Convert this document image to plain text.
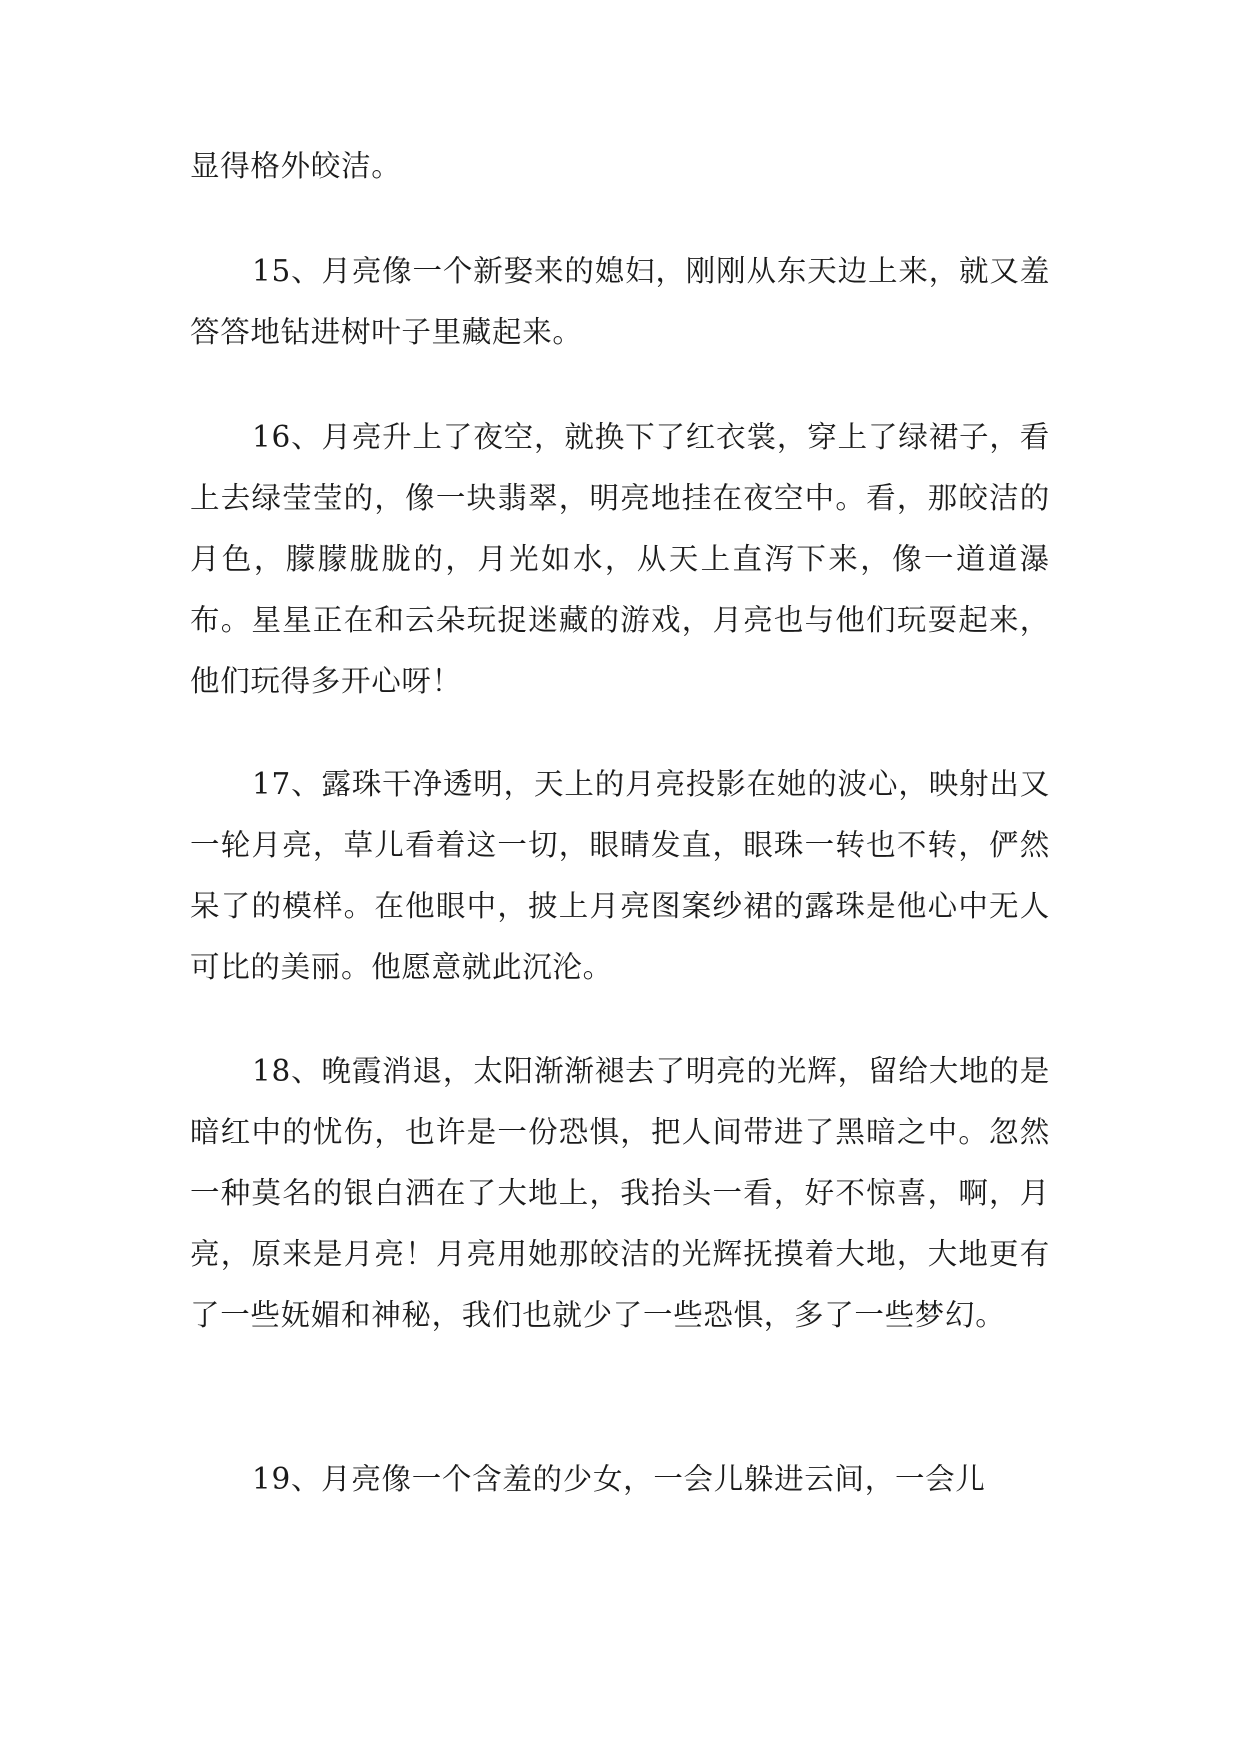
显得格外皎洁。

15、月亮像一个新娶来的媳妇，刚刚从东天边上来，就又羞答答地钻进树叶子里藏起来。

16、月亮升上了夜空，就换下了红衣裳，穿上了绿裙子，看上去绿莹莹的，像一块翡翠，明亮地挂在夜空中。看，那皎洁的月色，朦朦胧胧的，月光如水，从天上直泻下来，像一道道瀑布。星星正在和云朵玩捉迷藏的游戏，月亮也与他们玩耍起来，他们玩得多开心呀！

17、露珠干净透明，天上的月亮投影在她的波心，映射出又一轮月亮，草儿看着这一切，眼睛发直，眼珠一转也不转，俨然呆了的模样。在他眼中，披上月亮图案纱裙的露珠是他心中无人可比的美丽。他愿意就此沉沦。

18、晚霞消退，太阳渐渐褪去了明亮的光辉，留给大地的是暗红中的忧伤，也许是一份恐惧，把人间带进了黑暗之中。忽然一种莫名的银白洒在了大地上，我抬头一看，好不惊喜，啊，月亮，原来是月亮！月亮用她那皎洁的光辉抚摸着大地，大地更有了一些妩媚和神秘，我们也就少了一些恐惧，多了一些梦幻。

19、月亮像一个含羞的少女，一会儿躲进云间，一会儿
